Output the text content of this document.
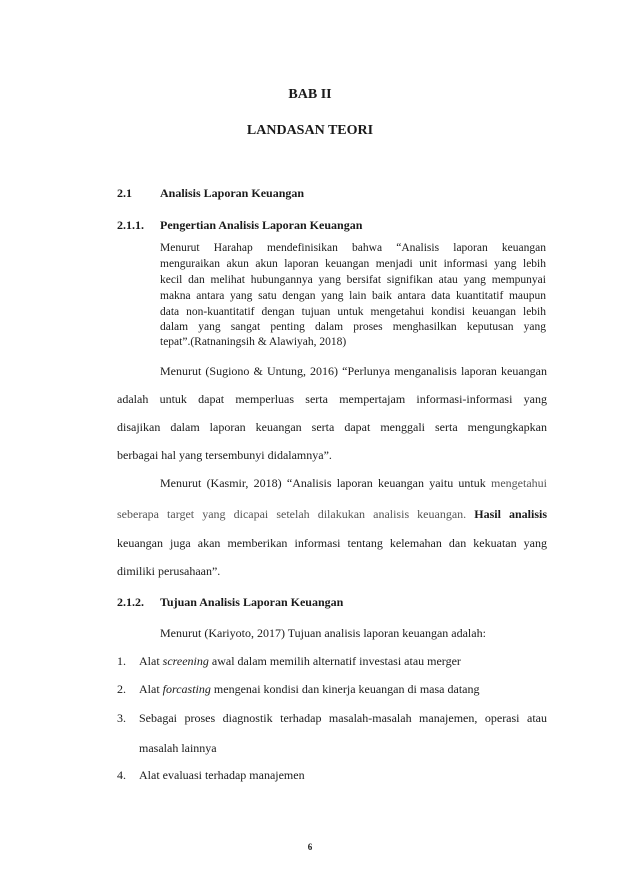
BAB II
LANDASAN TEORI
2.1 Analisis Laporan Keuangan
2.1.1. Pengertian Analisis Laporan Keuangan
Menurut Harahap mendefinisikan bahwa “Analisis laporan keuangan
menguraikan akun akun laporan keuangan menjadi unit informasi yang lebih
kecil dan melihat hubungannya yang bersifat signifikan atau yang mempunyai
makna antara yang satu dengan yang lain baik antara data kuantitatif maupun
data non-kuantitatif dengan tujuan untuk mengetahui kondisi keuangan lebih
dalam yang sangat penting dalam proses menghasilkan keputusan yang
tepat”.(Ratnaningsih & Alawiyah, 2018)
Menurut (Sugiono & Untung, 2016) “Perlunya menganalisis laporan keuangan
adalah untuk dapat memperluas serta mempertajam informasi-informasi yang
disajikan dalam laporan keuangan serta dapat menggali serta mengungkapkan
berbagai hal yang tersembunyi didalamnya”.
Menurut (Kasmir, 2018) “Analisis laporan keuangan yaitu untuk mengetahui
seberapa target yang dicapai setelah dilakukan analisis keuangan. Hasil analisis
keuangan juga akan memberikan informasi tentang kelemahan dan kekuatan yang
dimiliki perusahaan”.
2.1.2. Tujuan Analisis Laporan Keuangan
Menurut (Kariyoto, 2017) Tujuan analisis laporan keuangan adalah:
1. Alat screening awal dalam memilih alternatif investasi atau merger
2. Alat forcasting mengenai kondisi dan kinerja keuangan di masa datang
3. Sebagai proses diagnostik terhadap masalah-masalah manajemen, operasi atau
masalah lainnya
4. Alat evaluasi terhadap manajemen
6
